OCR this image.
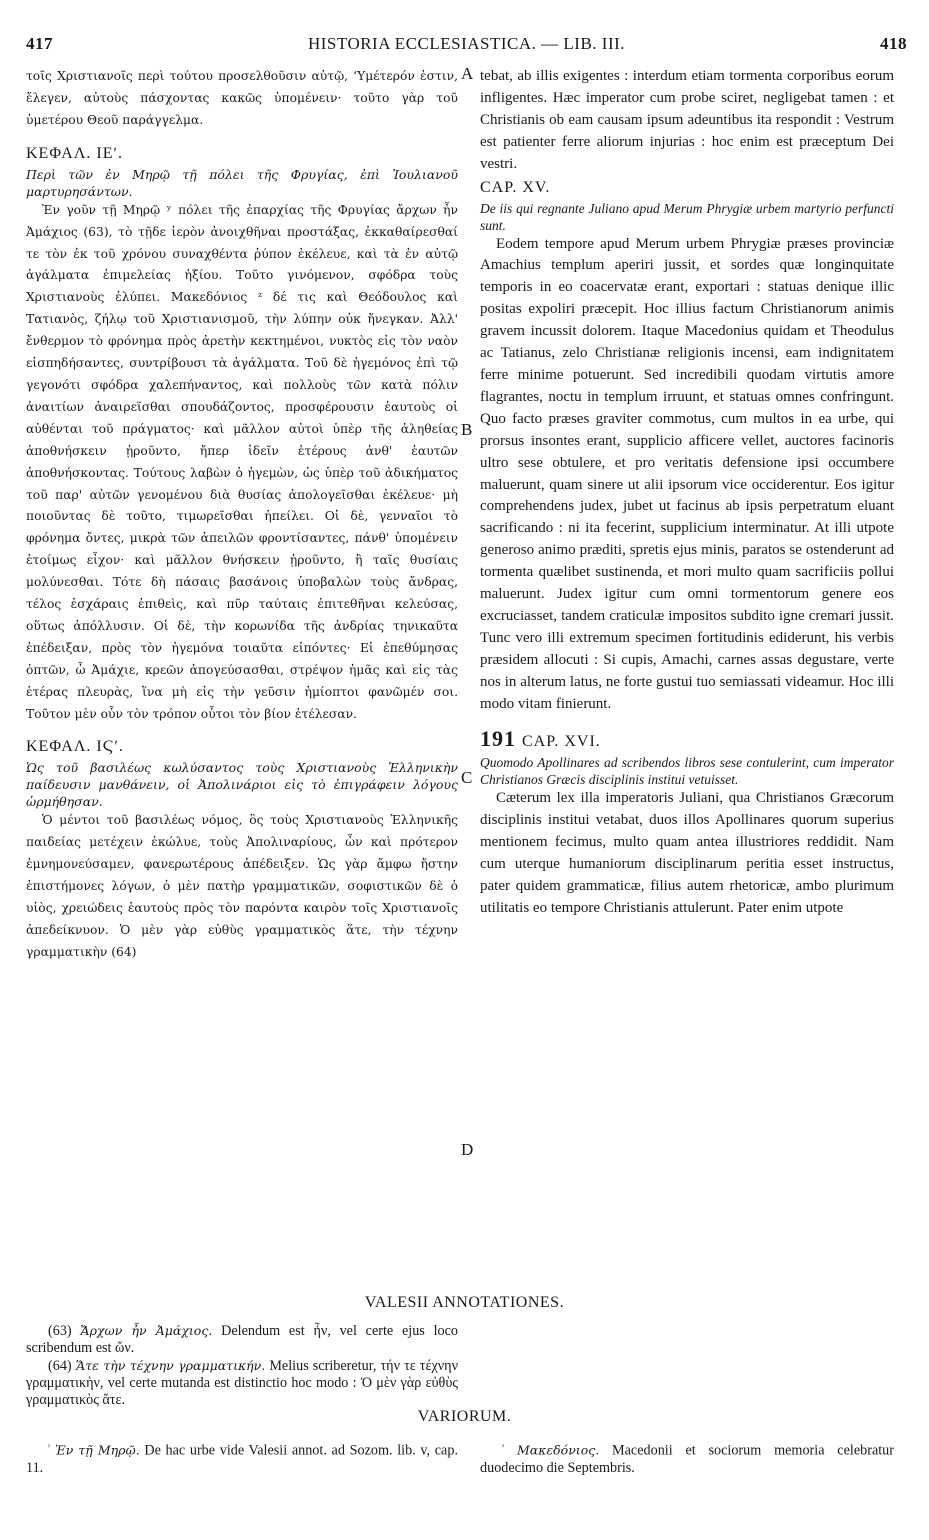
417	HISTORIA ECCLESIASTICA. — LIB. III.	418

τοῖς Χριστιανοῖς περὶ τούτου προσελθοῦσιν αὐτῷ, ʻΥμέτερόν ἐστιν, ἔλεγεν, αὐτοὺς πάσχοντας κακῶς ὑπομένειν· τοῦτο γὰρ τοῦ ὑμετέρου Θεοῦ παράγγελμα.

ΚΕΦΑΛ. ΙΕʹ.

Περὶ τῶν ἐν Μηρῷ τῇ πόλει τῆς Φρυγίας, ἐπὶ Ἰουλιανοῦ μαρτυρησάντων.

Ἐν γοῦν τῇ Μηρῷ ʸ πόλει τῆς ἐπαρχίας τῆς Φρυγίας ἄρχων ἦν Ἀμάχιος (63), τὸ τῇδε ἱερὸν ἀνοιχθῆναι προστάξας, ἐκκαθαίρεσθαί τε τὸν ἐκ τοῦ χρόνου συναχθέντα ῥύπον ἐκέλευε, καὶ τὰ ἐν αὐτῷ ἀγάλματα ἐπιμελείας ἠξίου. Τοῦτο γινόμενον, σφόδρα τοὺς Χριστιανοὺς ἐλύπει. Μακεδόνιος ᶻ δέ τις καὶ Θεόδουλος καὶ Τατιανὸς, ζήλῳ τοῦ Χριστιανισμοῦ, τὴν λύπην οὐκ ἤνεγκαν. Ἀλλ' ἔνθερμον τὸ φρόνημα πρὸς ἀρετὴν κεκτημένοι, νυκτὸς εἰς τὸν ναὸν εἰσπηδήσαντες, συντρίβουσι τὰ ἀγάλματα. Τοῦ δὲ ἡγεμόνος ἐπὶ τῷ γεγονότι σφόδρα χαλεπήναντος, καὶ πολλοὺς τῶν κατὰ πόλιν ἀναιτίων ἀναιρεῖσθαι σπουδάζοντος, προσφέρουσιν ἑαυτοὺς οἱ αὐθένται τοῦ πράγματος· καὶ μᾶλλον αὐτοὶ ὑπὲρ τῆς ἀληθείας ἀποθνήσκειν ᾑροῦντο, ἤπερ ἰδεῖν ἑτέρους ἀνθ' ἑαυτῶν ἀποθνήσκοντας. Τούτους λαβὼν ὁ ἡγεμὼν, ὡς ὑπὲρ τοῦ ἀδικήματος τοῦ παρ' αὐτῶν γενομένου διὰ θυσίας ἀπολογεῖσθαι ἐκέλευε· μὴ ποιοῦντας δὲ τοῦτο, τιμωρεῖσθαι ἠπείλει. Οἱ δὲ, γενναῖοι τὸ φρόνημα ὄντες, μικρὰ τῶν ἀπειλῶν φροντίσαντες, πάνθ' ὑπομένειν ἑτοίμως εἶχον· καὶ μᾶλλον θνήσκειν ᾑροῦντο, ἢ ταῖς θυσίαις μολύνεσθαι. Τότε δὴ πάσαις βασάνοις ὑποβαλὼν τοὺς ἄνδρας, τέλος ἐσχάραις ἐπιθεὶς, καὶ πῦρ ταύταις ἐπιτεθῆναι κελεύσας, οὕτως ἀπόλλυσιν. Οἱ δὲ, τὴν κορωνίδα τῆς ἀνδρίας τηνικαῦτα ἐπέδειξαν, πρὸς τὸν ἡγεμόνα τοιαῦτα εἰπόντες· Εἰ ἐπεθύμησας ὀπτῶν, ὦ Ἀμάχιε, κρεῶν ἀπογεύσασθαι, στρέψον ἡμᾶς καὶ εἰς τὰς ἑτέρας πλευρὰς, ἵνα μὴ εἰς τὴν γεῦσιν ἡμίοπτοι φανῶμέν σοι. Τοῦτον μὲν οὖν τὸν τρόπον οὗτοι τὸν βίον ἐτέλεσαν.

ΚΕΦΑΛ. ΙϚʹ.

Ὡς τοῦ βασιλέως κωλύσαντος τοὺς Χριστιανοὺς Ἑλληνικὴν παίδευσιν μανθάνειν, οἱ Ἀπολινάριοι εἰς τὸ ἐπιγράφειν λόγους ὡρμήθησαν.

Ὁ μέντοι τοῦ βασιλέως νόμος, ὃς τοὺς Χριστιανοὺς Ἑλληνικῆς παιδείας μετέχειν ἐκώλυε, τοὺς Ἀπολιναρίους, ὧν καὶ πρότερον ἐμνημονεύσαμεν, φανερωτέρους ἀπέδειξεν. Ὡς γὰρ ἄμφω ἤστην ἐπιστήμονες λόγων, ὁ μὲν πατὴρ γραμματικῶν, σοφιστικῶν δὲ ὁ υἱὸς, χρειώδεις ἑαυτοὺς πρὸς τὸν παρόντα καιρὸν τοῖς Χριστιανοῖς ἀπεδείκνυον. Ὁ μὲν γὰρ εὐθὺς γραμματικὸς ἅτε, τὴν τέχνην γραμματικὴν (64)

A
B
C
D

tebat, ab illis exigentes : interdum etiam tormenta corporibus eorum infligentes. Hæc imperator cum probe sciret, negligebat tamen : et Christianis ob eam causam ipsum adeuntibus ita respondit : Vestrum est patienter ferre aliorum injurias : hoc enim est præceptum Dei vestri.

CAP. XV.

De iis qui regnante Juliano apud Merum Phrygiæ urbem martyrio perfuncti sunt.

Eodem tempore apud Merum urbem Phrygiæ præses provinciæ Amachius templum aperiri jussit, et sordes quæ longinquitate temporis in eo coacervatæ erant, exportari : statuas denique illic positas expoliri præcepit. Hoc illius factum Christianorum animis gravem incussit dolorem. Itaque Macedonius quidam et Theodulus ac Tatianus, zelo Christianæ religionis incensi, eam indignitatem ferre minime potuerunt. Sed incredibili quodam virtutis amore flagrantes, noctu in templum irruunt, et statuas omnes confringunt. Quo facto præses graviter commotus, cum multos in ea urbe, qui prorsus insontes erant, supplicio afficere vellet, auctores facinoris ultro sese obtulere, et pro veritatis defensione ipsi occumbere maluerunt, quam sinere ut alii ipsorum vice occiderentur. Eos igitur comprehendens judex, jubet ut facinus ab ipsis perpetratum eluant sacrificando : ni ita fecerint, supplicium interminatur. At illi utpote generoso animo præditi, spretis ejus minis, paratos se ostenderunt ad tormenta quælibet sustinenda, et mori multo quam sacrificiis pollui maluerunt. Judex igitur cum omni tormentorum genere eos excruciasset, tandem craticulæ impositos subdito igne cremari jussit. Tunc vero illi extremum specimen fortitudinis ediderunt, his verbis præsidem allocuti : Si cupis, Amachi, carnes assas degustare, verte nos in alterum latus, ne forte gustui tuo semiassati videamur. Hoc illi modo vitam finierunt.

191 CAP. XVI.

Quomodo Apollinares ad scribendos libros sese contulerint, cum imperator Christianos Græcis disciplinis institui vetuisset.

Cæterum lex illa imperatoris Juliani, qua Christianos Græcorum disciplinis institui vetabat, duos illos Apollinares quorum superius mentionem fecimus, multo quam antea illustriores reddidit. Nam cum uterque humaniorum disciplinarum peritia esset instructus, pater quidem grammaticæ, filius autem rhetoricæ, ambo plurimum utilitatis eo tempore Christianis attulerunt. Pater enim utpote

VALESII ANNOTATIONES.

(63) Ἄρχων ἦν Ἀμάχιος. Delendum est ἦν, vel certe ejus loco scribendum est ὤν.

(64) Ἅτε τὴν τέχνην γραμματικήν. Melius scriberetur, τήν τε τέχνην γραμματικὴν, vel certe mutanda est distinctio hoc modo : Ὁ μὲν γὰρ εὐθὺς γραμματικὸς ἅτε.

VARIORUM.

$^ʸ$ Ἐν τῇ Μηρῷ. De hac urbe vide Valesii annot. ad Sozom. lib. v, cap. 11.

$^ᶻ$ Μακεδόνιος. Macedonii et sociorum memoria celebratur duodecimo die Septembris.
